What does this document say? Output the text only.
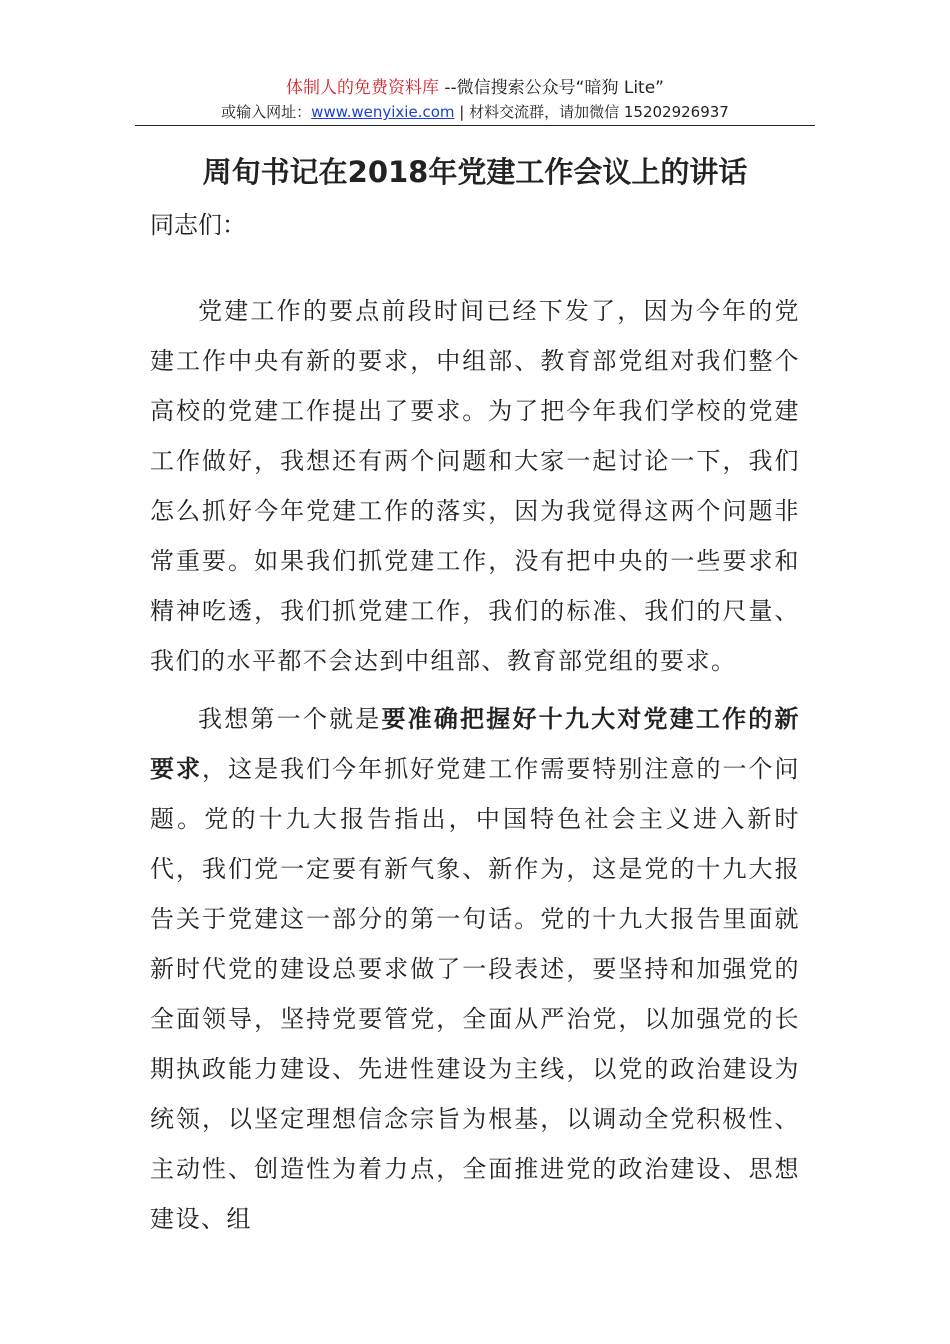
体制人的免费资料库 --微信搜索公众号“暗狗 Lite”
或输入网址：www.wenyixie.com | 材料交流群，请加微信 15202926937
周旬书记在2018年党建工作会议上的讲话

同志们：

党建工作的要点前段时间已经下发了，因为今年的党建工作中央有新的要求，中组部、教育部党组对我们整个高校的党建工作提出了要求。为了把今年我们学校的党建工作做好，我想还有两个问题和大家一起讨论一下，我们怎么抓好今年党建工作的落实，因为我觉得这两个问题非常重要。如果我们抓党建工作，没有把中央的一些要求和精神吃透，我们抓党建工作，我们的标准、我们的尺量、我们的水平都不会达到中组部、教育部党组的要求。

我想第一个就是要准确把握好十九大对党建工作的新要求，这是我们今年抓好党建工作需要特别注意的一个问题。党的十九大报告指出，中国特色社会主义进入新时代，我们党一定要有新气象、新作为，这是党的十九大报告关于党建这一部分的第一句话。党的十九大报告里面就新时代党的建设总要求做了一段表述，要坚持和加强党的全面领导，坚持党要管党，全面从严治党，以加强党的长期执政能力建设、先进性建设为主线，以党的政治建设为统领，以坚定理想信念宗旨为根基，以调动全党积极性、主动性、创造性为着力点，全面推进党的政治建设、思想建设、组
